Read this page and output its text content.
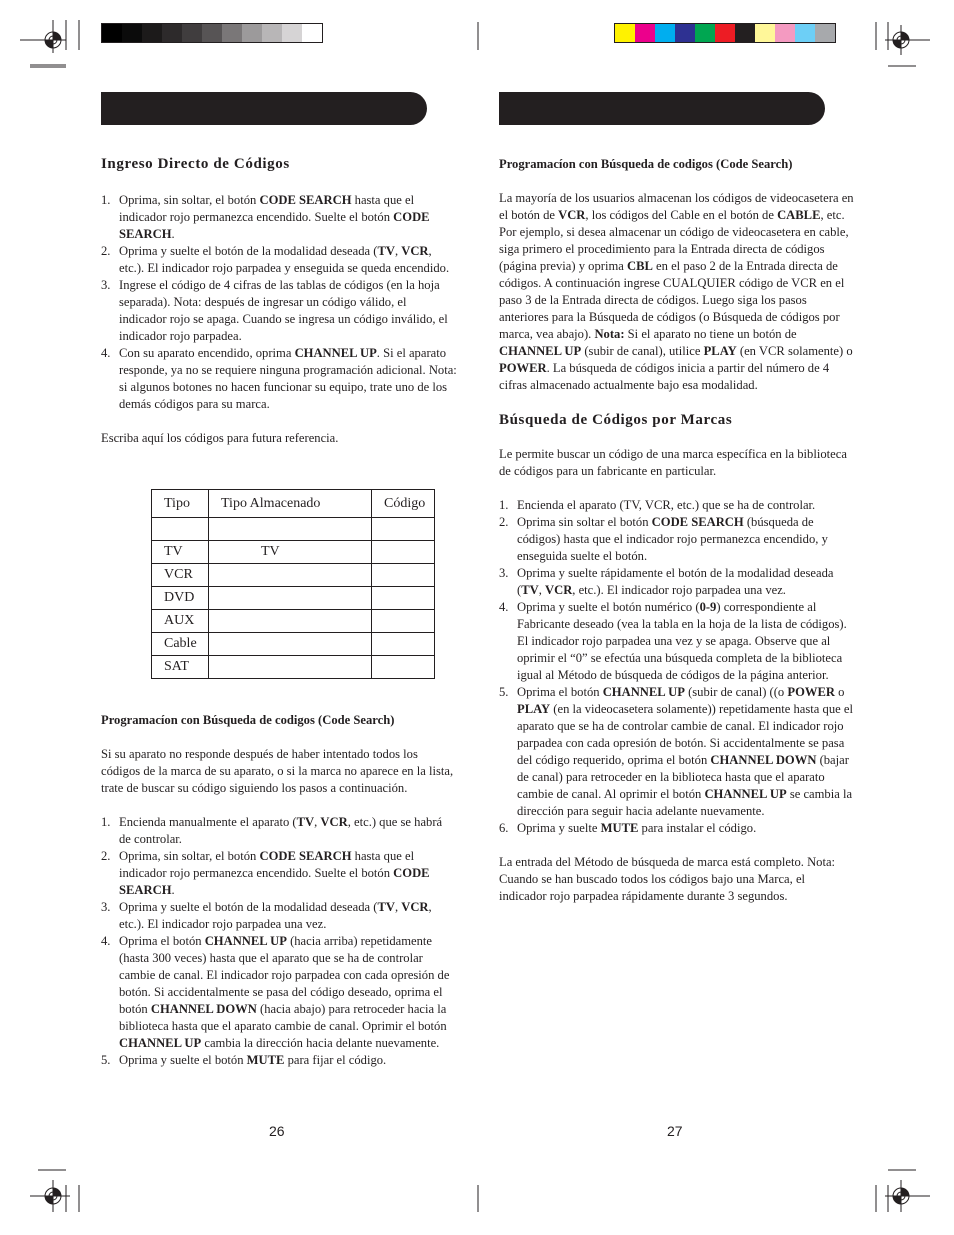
Ingreso Directo de Códigos

1. Oprima, sin soltar, el botón CODE SEARCH hasta que el indicador rojo permanezca encendido. Suelte el botón CODE SEARCH.
2. Oprima y suelte el botón de la modalidad deseada (TV, VCR, etc.). El indicador rojo parpadea y enseguida se queda encendido.
3. Ingrese el código de 4 cifras de las tablas de códigos (en la hoja separada). Nota: después de ingresar un código válido, el indicador rojo se apaga. Cuando se ingresa un código inválido, el indicador rojo parpadea.
4. Con su aparato encendido, oprima CHANNEL UP. Si el aparato responde, ya no se requiere ninguna programación adicional. Nota: si algunos botones no hacen funcionar su equipo, trate uno de los demás códigos para su marca.

Escriba aquí los códigos para futura referencia.

Tipo	Tipo Almacenado	Código

TV	TV	
VCR		
DVD		
AUX		
Cable		
SAT		

Programacíon con Búsqueda de codigos (Code Search)

Si su aparato no responde después de haber intentado todos los códigos de la marca de su aparato, o si la marca no aparece en la lista, trate de buscar su código siguiendo los pasos a continuación.

1. Encienda manualmente el aparato (TV, VCR, etc.) que se habrá de controlar.
2. Oprima, sin soltar, el botón CODE SEARCH hasta que el indicador rojo permanezca encendido. Suelte el botón CODE SEARCH.
3. Oprima y suelte el botón de la modalidad deseada (TV, VCR, etc.). El indicador rojo parpadea una vez.
4. Oprima el botón CHANNEL UP (hacia arriba) repetidamente (hasta 300 veces) hasta que el aparato que se ha de controlar cambie de canal. El indicador rojo parpadea con cada opresión de botón. Si accidentalmente se pasa del código deseado, oprima el botón CHANNEL DOWN (hacia abajo) para retroceder hacia la biblioteca hasta que el aparato cambie de canal. Oprimir el botón CHANNEL UP cambia la dirección hacia delante nuevamente.
5. Oprima y suelte el botón MUTE para fijar el código.
26

Programacíon con Búsqueda de codigos (Code Search)

La mayoría de los usuarios almacenan los códigos de videocasetera en el botón de VCR, los códigos del Cable en el botón de CABLE, etc. Por ejemplo, si desea almacenar un código de videocasetera en cable, siga primero el procedimiento para la Entrada directa de códigos (página previa) y oprima CBL en el paso 2 de la Entrada directa de códigos. A continuación ingrese CUALQUIER código de VCR en el paso 3 de la Entrada directa de códigos. Luego siga los pasos anteriores para la Búsqueda de códigos (o Búsqueda de códigos por marca, vea abajo). Nota: Si el aparato no tiene un botón de CHANNEL UP (subir de canal), utilice PLAY (en VCR solamente) o POWER. La búsqueda de códigos inicia a partir del número de 4 cifras almacenado actualmente bajo esa modalidad.

Búsqueda de Códigos por Marcas

Le permite buscar un código de una marca específica en la biblioteca de códigos para un fabricante en particular.

1. Encienda el aparato (TV, VCR, etc.) que se ha de controlar.
2. Oprima sin soltar el botón CODE SEARCH (búsqueda de códigos) hasta que el indicador rojo permanezca encendido, y enseguida suelte el botón.
3. Oprima y suelte rápidamente el botón de la modalidad deseada (TV, VCR, etc.). El indicador rojo parpadea una vez.
4. Oprima y suelte el botón numérico (0-9) correspondiente al Fabricante deseado (vea la tabla en la hoja de la lista de códigos). El indicador rojo parpadea una vez y se apaga. Observe que al oprimir el “0” se efectúa una búsqueda completa de la biblioteca igual al Método de búsqueda de códigos de la página anterior.
5. Oprima el botón CHANNEL UP (subir de canal) ((o POWER o PLAY (en la videocasetera solamente)) repetidamente hasta que el aparato que se ha de controlar cambie de canal. El indicador rojo parpadea con cada opresión de botón. Si accidentalmente se pasa del código requerido, oprima el botón CHANNEL DOWN (bajar de canal) para retroceder en la biblioteca hasta que el aparato cambie de canal. Al oprimir el botón CHANNEL UP se cambia la dirección para seguir hacia adelante nuevamente.
6. Oprima y suelte MUTE para instalar el código.

La entrada del Método de búsqueda de marca está completo. Nota: Cuando se han buscado todos los códigos bajo una Marca, el indicador rojo parpadea rápidamente durante 3 segundos.

27
